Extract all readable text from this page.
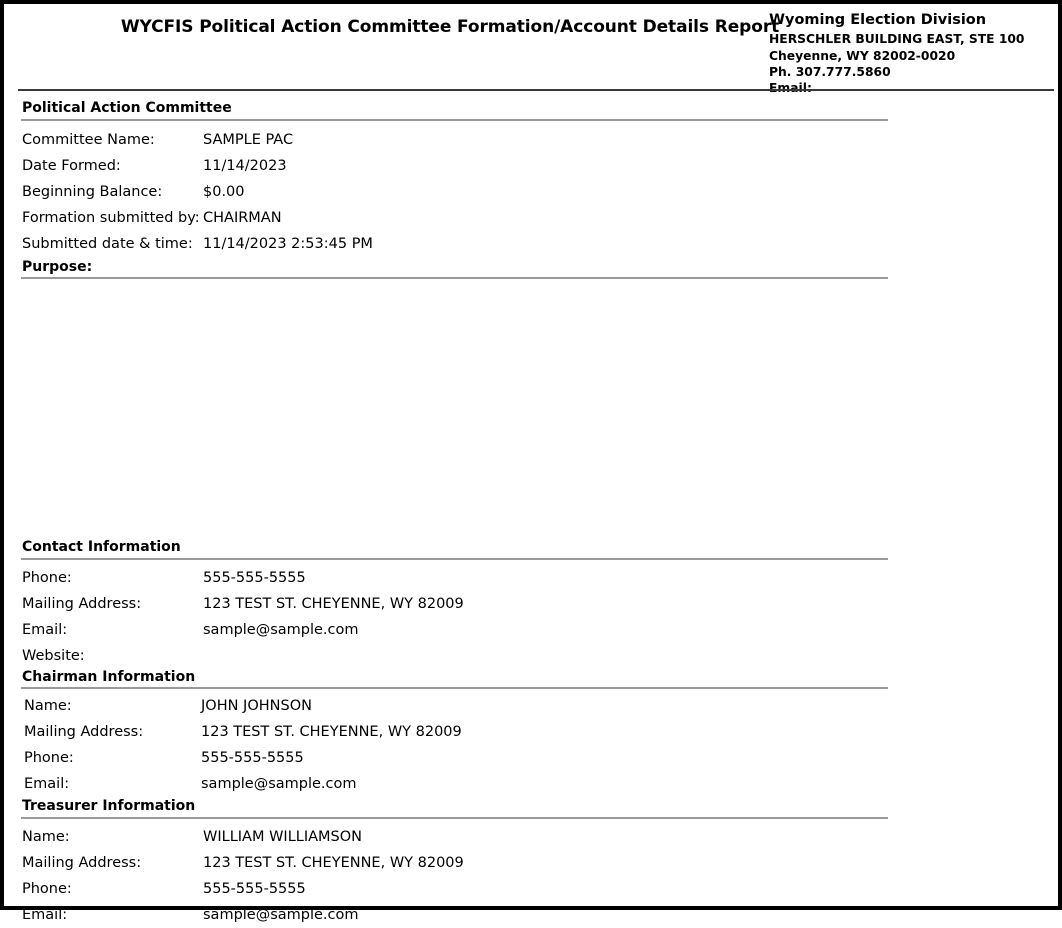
WYCFIS Political Action Committee Formation/Account Details Report
Wyoming Election Division
HERSCHLER BUILDING EAST, STE 100
Cheyenne, WY 82002-0020
Ph. 307.777.5860
Email:
Political Action Committee
Committee Name:	SAMPLE PAC
Date Formed:	11/14/2023
Beginning Balance:	$0.00
Formation submitted by: CHAIRMAN
Submitted date & time: 11/14/2023 2:53:45 PM
Purpose:
Contact Information
Phone:	555-555-5555
Mailing Address:	123 TEST ST. CHEYENNE, WY 82009
Email:	sample@sample.com
Website:
Chairman Information
Name:	JOHN JOHNSON
Mailing Address:	123 TEST ST. CHEYENNE, WY 82009
Phone:	555-555-5555
Email:	sample@sample.com
Treasurer Information
Name:	WILLIAM WILLIAMSON
Mailing Address:	123 TEST ST. CHEYENNE, WY 82009
Phone:	555-555-5555
Email:	sample@sample.com
